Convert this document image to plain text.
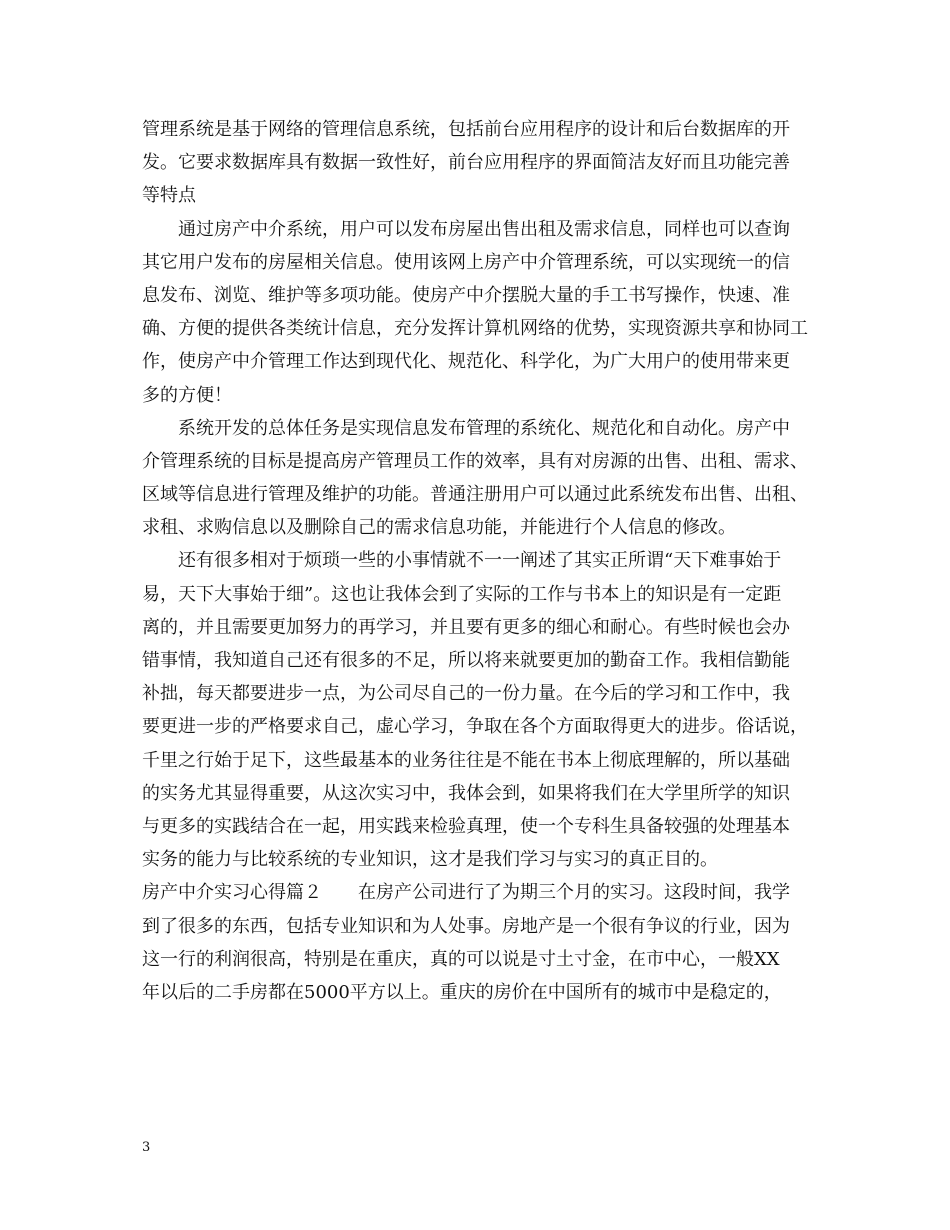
管理系统是基于网络的管理信息系统，包括前台应用程序的设计和后台数据库的开
发。它要求数据库具有数据一致性好，前台应用程序的界面简洁友好而且功能完善
等特点
通过房产中介系统，用户可以发布房屋出售出租及需求信息，同样也可以查询
其它用户发布的房屋相关信息。使用该网上房产中介管理系统，可以实现统一的信
息发布、浏览、维护等多项功能。使房产中介摆脱大量的手工书写操作，快速、准
确、方便的提供各类统计信息，充分发挥计算机网络的优势，实现资源共享和协同工
作，使房产中介管理工作达到现代化、规范化、科学化，为广大用户的使用带来更
多的方便！
系统开发的总体任务是实现信息发布管理的系统化、规范化和自动化。房产中
介管理系统的目标是提高房产管理员工作的效率，具有对房源的出售、出租、需求、
区域等信息进行管理及维护的功能。普通注册用户可以通过此系统发布出售、出租、
求租、求购信息以及删除自己的需求信息功能，并能进行个人信息的修改。
还有很多相对于烦琐一些的小事情就不一一阐述了其实正所谓“天下难事始于
易，天下大事始于细”。这也让我体会到了实际的工作与书本上的知识是有一定距
离的，并且需要更加努力的再学习，并且要有更多的细心和耐心。有些时候也会办
错事情，我知道自己还有很多的不足，所以将来就要更加的勤奋工作。我相信勤能
补拙，每天都要进步一点，为公司尽自己的一份力量。在今后的学习和工作中，我
要更进一步的严格要求自己，虚心学习，争取在各个方面取得更大的进步。俗话说，
千里之行始于足下，这些最基本的业务往往是不能在书本上彻底理解的，所以基础
的实务尤其显得重要，从这次实习中，我体会到，如果将我们在大学里所学的知识
与更多的实践结合在一起，用实践来检验真理，使一个专科生具备较强的处理基本
实务的能力与比较系统的专业知识，这才是我们学习与实习的真正目的。
房产中介实习心得篇２　　在房产公司进行了为期三个月的实习。这段时间，我学
到了很多的东西，包括专业知识和为人处事。房地产是一个很有争议的行业，因为
这一行的利润很高，特别是在重庆，真的可以说是寸土寸金，在市中心，一般XX
年以后的二手房都在5000平方以上。重庆的房价在中国所有的城市中是稳定的，
3
